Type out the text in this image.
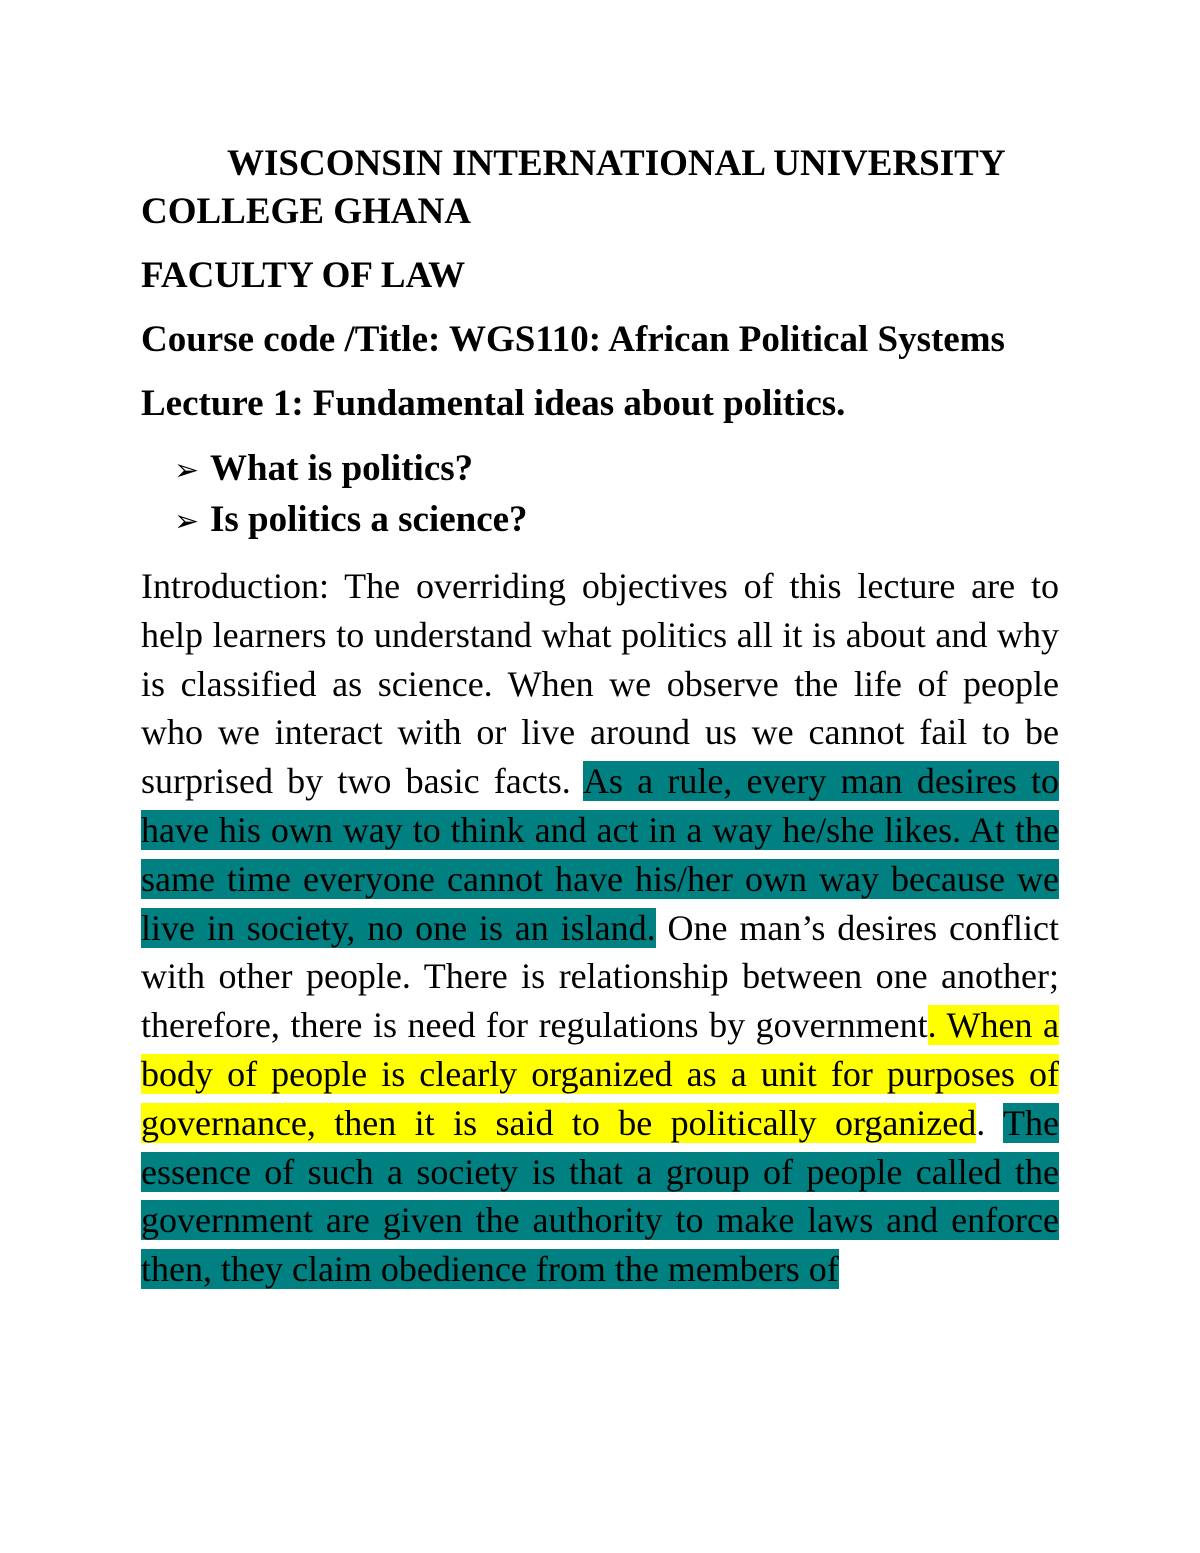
WISCONSIN INTERNATIONAL UNIVERSITY COLLEGE GHANA

FACULTY OF LAW

Course code /Title: WGS110: African Political Systems

Lecture 1: Fundamental ideas about politics.

➢ What is politics?
➢ Is politics a science?

Introduction: The overriding objectives of this lecture are to help learners to understand what politics all it is about and why is classified as science. When we observe the life of people who we interact with or live around us we cannot fail to be surprised by two basic facts. As a rule, every man desires to have his own way to think and act in a way he/she likes. At the same time everyone cannot have his/her own way because we live in society, no one is an island. One man’s desires conflict with other people. There is relationship between one another; therefore, there is need for regulations by government. When a body of people is clearly organized as a unit for purposes of governance, then it is said to be politically organized. The essence of such a society is that a group of people called the government are given the authority to make laws and enforce then, they claim obedience from the members of
